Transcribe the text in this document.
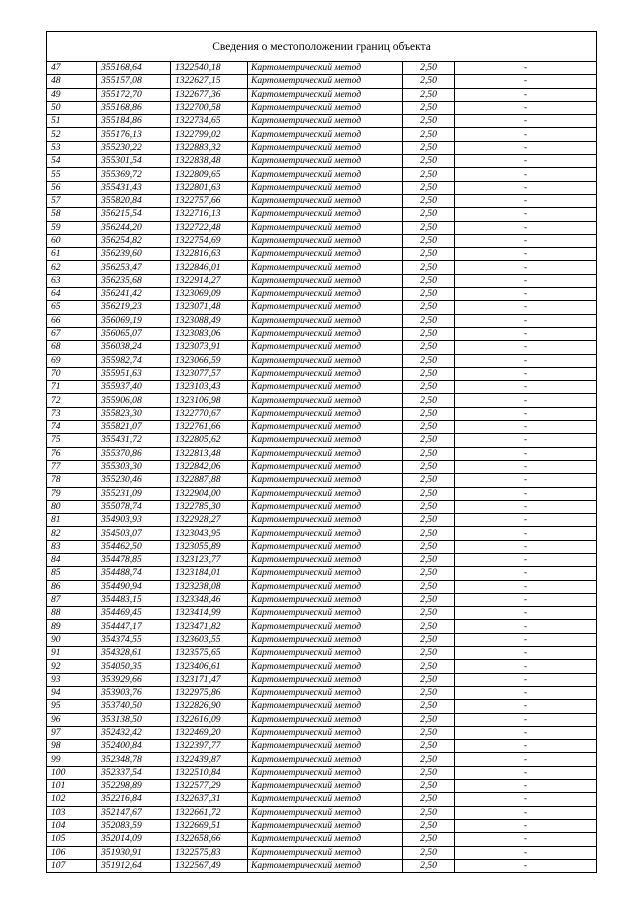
Сведения о местоположении границ объекта					
47	355168,64	1322540,18	Картометрический метод	2,50	-
48	355157,08	1322627,15	Картометрический метод	2,50	-
49	355172,70	1322677,36	Картометрический метод	2,50	-
50	355168,86	1322700,58	Картометрический метод	2,50	-
51	355184,86	1322734,65	Картометрический метод	2,50	-
52	355176,13	1322799,02	Картометрический метод	2,50	-
53	355230,22	1322883,32	Картометрический метод	2,50	-
54	355301,54	1322838,48	Картометрический метод	2,50	-
55	355369,72	1322809,65	Картометрический метод	2,50	-
56	355431,43	1322801,63	Картометрический метод	2,50	-
57	355820,84	1322757,66	Картометрический метод	2,50	-
58	356215,54	1322716,13	Картометрический метод	2,50	-
59	356244,20	1322722,48	Картометрический метод	2,50	-
60	356254,82	1322754,69	Картометрический метод	2,50	-
61	356239,60	1322816,63	Картометрический метод	2,50	-
62	356253,47	1322846,01	Картометрический метод	2,50	-
63	356235,68	1322914,27	Картометрический метод	2,50	-
64	356241,42	1323069,09	Картометрический метод	2,50	-
65	356219,23	1323071,48	Картометрический метод	2,50	-
66	356069,19	1323088,49	Картометрический метод	2,50	-
67	356065,07	1323083,06	Картометрический метод	2,50	-
68	356038,24	1323073,91	Картометрический метод	2,50	-
69	355982,74	1323066,59	Картометрический метод	2,50	-
70	355951,63	1323077,57	Картометрический метод	2,50	-
71	355937,40	1323103,43	Картометрический метод	2,50	-
72	355906,08	1323106,98	Картометрический метод	2,50	-
73	355823,30	1322770,67	Картометрический метод	2,50	-
74	355821,07	1322761,66	Картометрический метод	2,50	-
75	355431,72	1322805,62	Картометрический метод	2,50	-
76	355370,86	1322813,48	Картометрический метод	2,50	-
77	355303,30	1322842,06	Картометрический метод	2,50	-
78	355230,46	1322887,88	Картометрический метод	2,50	-
79	355231,09	1322904,00	Картометрический метод	2,50	-
80	355078,74	1322785,30	Картометрический метод	2,50	-
81	354903,93	1322928,27	Картометрический метод	2,50	-
82	354503,07	1323043,95	Картометрический метод	2,50	-
83	354462,50	1323055,89	Картометрический метод	2,50	-
84	354478,85	1323123,77	Картометрический метод	2,50	-
85	354488,74	1323184,01	Картометрический метод	2,50	-
86	354490,94	1323238,08	Картометрический метод	2,50	-
87	354483,15	1323348,46	Картометрический метод	2,50	-
88	354469,45	1323414,99	Картометрический метод	2,50	-
89	354447,17	1323471,82	Картометрический метод	2,50	-
90	354374,55	1323603,55	Картометрический метод	2,50	-
91	354328,61	1323575,65	Картометрический метод	2,50	-
92	354050,35	1323406,61	Картометрический метод	2,50	-
93	353929,66	1323171,47	Картометрический метод	2,50	-
94	353903,76	1322975,86	Картометрический метод	2,50	-
95	353740,50	1322826,90	Картометрический метод	2,50	-
96	353138,50	1322616,09	Картометрический метод	2,50	-
97	352432,42	1322469,20	Картометрический метод	2,50	-
98	352400,84	1322397,77	Картометрический метод	2,50	-
99	352348,78	1322439,87	Картометрический метод	2,50	-
100	352337,54	1322510,84	Картометрический метод	2,50	-
101	352298,89	1322577,29	Картометрический метод	2,50	-
102	352216,84	1322637,31	Картометрический метод	2,50	-
103	352147,67	1322661,72	Картометрический метод	2,50	-
104	352083,59	1322669,51	Картометрический метод	2,50	-
105	352014,09	1322658,66	Картометрический метод	2,50	-
106	351930,91	1322575,83	Картометрический метод	2,50	-
107	351912,64	1322567,49	Картометрический метод	2,50	-
